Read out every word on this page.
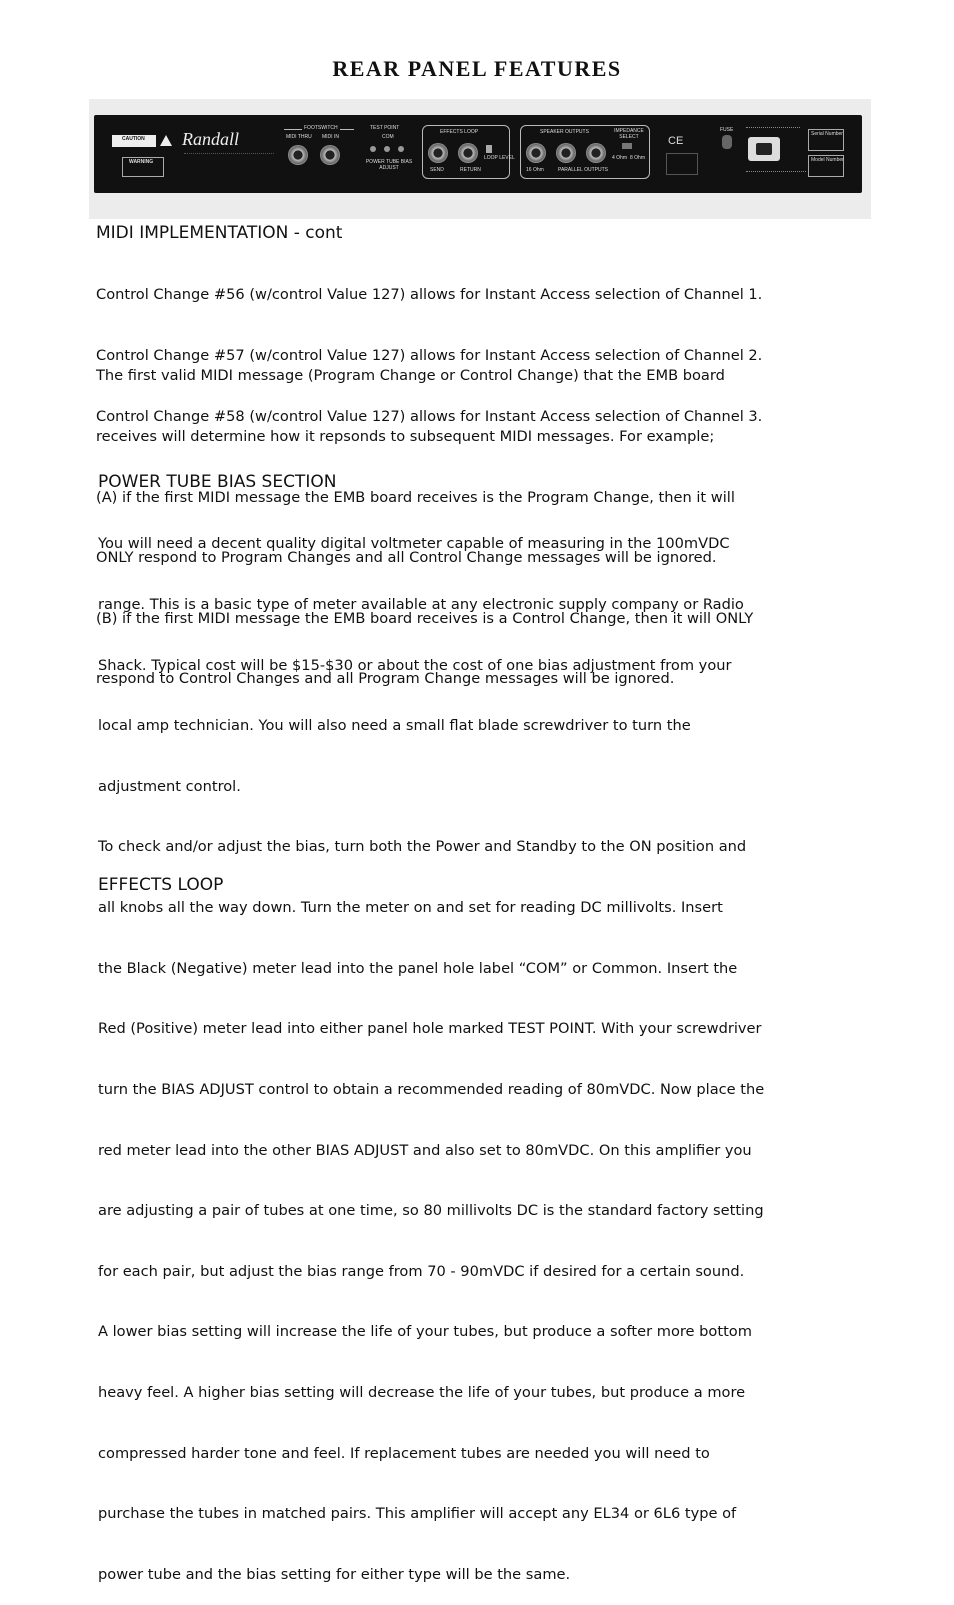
REAR PANEL FEATURES
CAUTION
WARNING
Randall
FOOTSWITCH
MIDI THRU MIDI IN
TEST POINT
COM
POWER TUBE BIAS ADJUST
EFFECTS LOOP
LOOP LEVEL
SEND	RETURN
SPEAKER OUTPUTS	IMPEDANCE SELECT
4 Ohm 8 Ohm
16 Ohm	PARALLEL OUTPUTS
CE
FUSE
Serial Number
Model Number
MIDI IMPLEMENTATION - cont

Control Change #56 (w/control Value 127) allows for Instant Access selection of Channel 1.

Control Change #57 (w/control Value 127) allows for Instant Access selection of Channel 2.

Control Change #58 (w/control Value 127) allows for Instant Access selection of Channel 3.

The first valid MIDI message (Program Change or Control Change) that the EMB board

receives will determine how it repsonds to subsequent MIDI messages. For example;

(A) if the first MIDI message the EMB board receives is the Program Change, then it will

ONLY respond to Program Changes and all Control Change messages will be ignored.

(B) if the first MIDI message the EMB board receives is a Control Change, then it will ONLY

respond to Control Changes and all Program Change messages will be ignored.

POWER TUBE BIAS SECTION

You will need a decent quality digital voltmeter capable of measuring in the 100mVDC

range. This is a basic type of meter available at any electronic supply company or Radio

Shack. Typical cost will be $15-$30 or about the cost of one bias adjustment from your

local amp technician. You will also need a small flat blade screwdriver to turn the

adjustment control.

To check and/or adjust the bias, turn both the Power and Standby to the ON position and

all knobs all the way down. Turn the meter on and set for reading DC millivolts. Insert

the Black (Negative) meter lead into the panel hole label “COM” or Common. Insert the

Red (Positive) meter lead into either panel hole marked TEST POINT. With your screwdriver

turn the BIAS ADJUST control to obtain a recommended reading of 80mVDC. Now place the

red meter lead into the other BIAS ADJUST and also set to 80mVDC. On this amplifier you

are adjusting a pair of tubes at one time, so 80 millivolts DC is the standard factory setting

for each pair, but adjust the bias range from 70 - 90mVDC if desired for a certain sound.

A lower bias setting will increase the life of your tubes, but produce a softer more bottom

heavy feel. A higher bias setting will decrease the life of your tubes, but produce a more

compressed harder tone and feel. If replacement tubes are needed you will need to

purchase the tubes in matched pairs. This amplifier will accept any EL34 or 6L6 type of

power tube and the bias setting for either type will be the same.

EFFECTS LOOP
